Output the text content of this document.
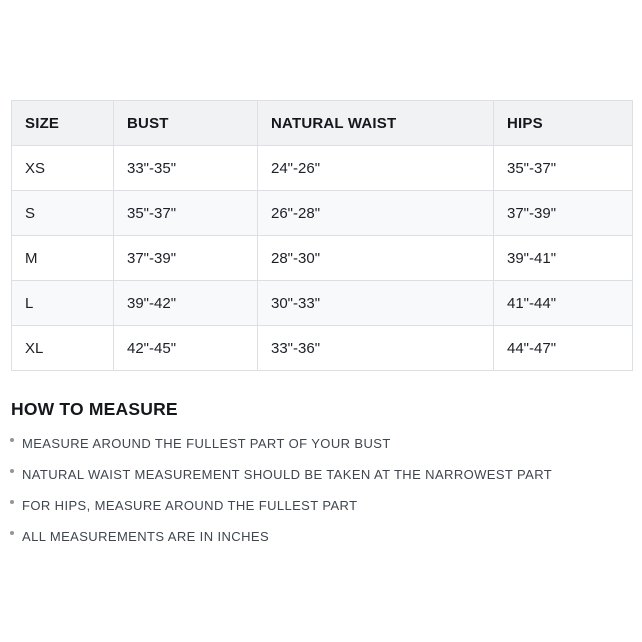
SIZE	BUST	NATURAL WAIST	HIPS
XS	33"-35"	24"-26"	35"-37"
S	35"-37"	26"-28"	37"-39"
M	37"-39"	28"-30"	39"-41"
L	39"-42"	30"-33"	41"-44"
XL	42"-45"	33"-36"	44"-47"
HOW TO MEASURE
MEASURE AROUND THE FULLEST PART OF YOUR BUST
NATURAL WAIST MEASUREMENT SHOULD BE TAKEN AT THE NARROWEST PART
FOR HIPS, MEASURE AROUND THE FULLEST PART
ALL MEASUREMENTS ARE IN INCHES
